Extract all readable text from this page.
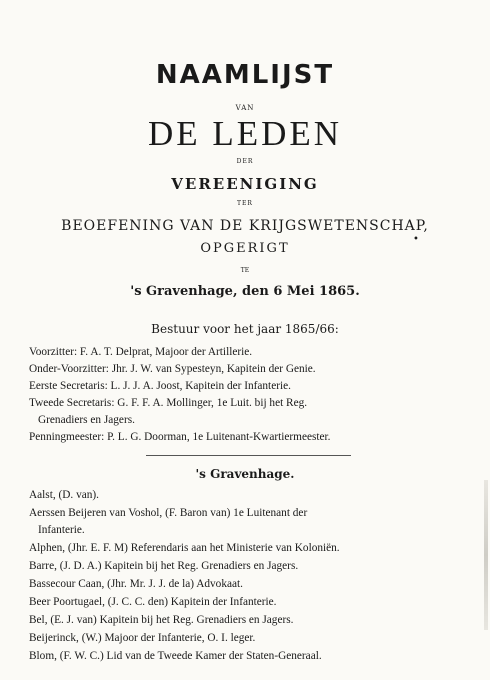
NAAMLIJST
VAN
DE LEDEN
DER
VEREENIGING
TER
BEOEFENING VAN DE KRIJGSWETENSCHAP,
OPGERIGT
TE
's Gravenhage, den 6 Mei 1865.
•
Bestuur voor het jaar 1865/66:
Voorzitter: F. A. T. Delprat, Majoor der Artillerie.
Onder-Voorzitter: Jhr. J. W. van Sypesteyn, Kapitein der Genie.
Eerste Secretaris: L. J. J. A. Joost, Kapitein der Infanterie.
Tweede Secretaris: G. F. F. A. Mollinger, 1e Luit. bij het Reg.
Grenadiers en Jagers.
Penningmeester: P. L. G. Doorman, 1e Luitenant-Kwartiermeester.
's Gravenhage.
Aalst, (D. van).
Aerssen Beijeren van Voshol, (F. Baron van) 1e Luitenant der
Infanterie.
Alphen, (Jhr. E. F. M) Referendaris aan het Ministerie van Koloniën.
Barre, (J. D. A.) Kapitein bij het Reg. Grenadiers en Jagers.
Bassecour Caan, (Jhr. Mr. J. J. de la) Advokaat.
Beer Poortugael, (J. C. C. den) Kapitein der Infanterie.
Bel, (E. J. van) Kapitein bij het Reg. Grenadiers en Jagers.
Beijerinck, (W.) Majoor der Infanterie, O. I. leger.
Blom, (F. W. C.) Lid van de Tweede Kamer der Staten-Generaal.
